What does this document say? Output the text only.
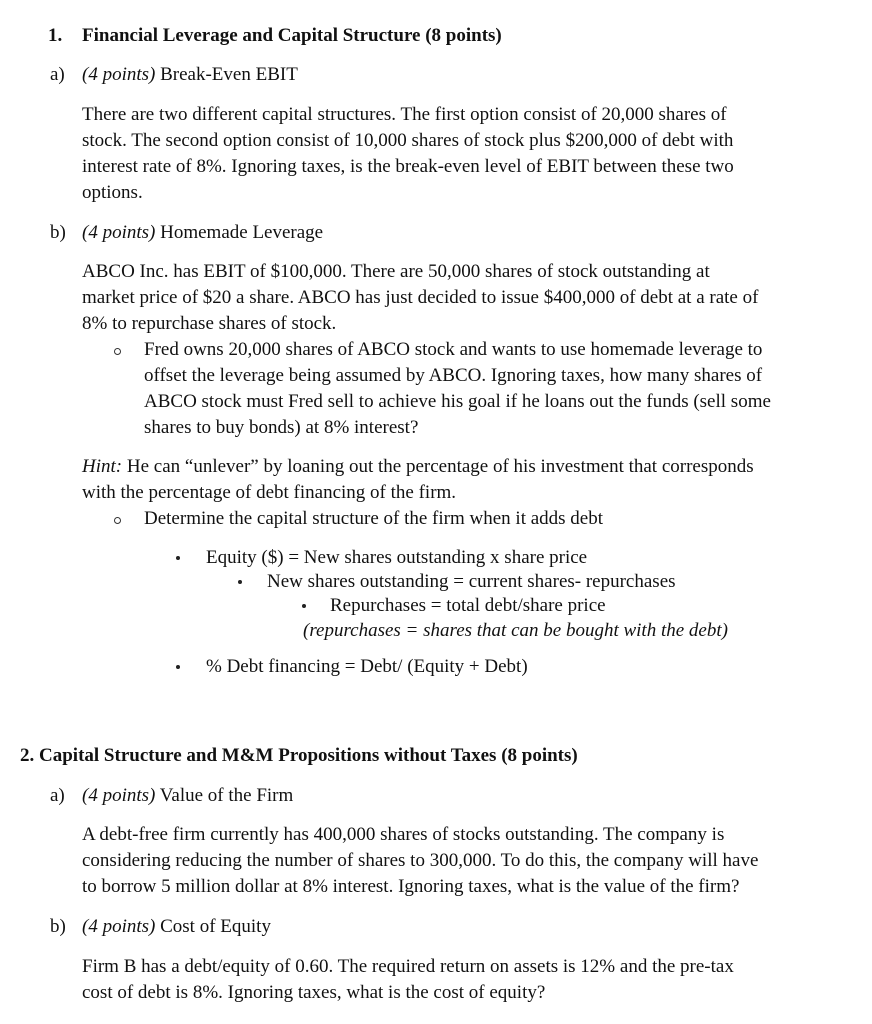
1. Financial Leverage and Capital Structure (8 points)
a) (4 points) Break-Even EBIT
There are two different capital structures. The first option consist of 20,000 shares of
stock. The second option consist of 10,000 shares of stock plus $200,000 of debt with
interest rate of 8%. Ignoring taxes, is the break-even level of EBIT between these two
options.
b) (4 points) Homemade Leverage
ABCO Inc. has EBIT of $100,000. There are 50,000 shares of stock outstanding at
market price of $20 a share. ABCO has just decided to issue $400,000 of debt at a rate of
8% to repurchase shares of stock.
Fred owns 20,000 shares of ABCO stock and wants to use homemade leverage to
offset the leverage being assumed by ABCO. Ignoring taxes, how many shares of
ABCO stock must Fred sell to achieve his goal if he loans out the funds (sell some
shares to buy bonds) at 8% interest?
Hint: He can “unlever” by loaning out the percentage of his investment that corresponds
with the percentage of debt financing of the firm.
Determine the capital structure of the firm when it adds debt
Equity ($) = New shares outstanding x share price
New shares outstanding = current shares- repurchases
Repurchases = total debt/share price
(repurchases = shares that can be bought with the debt)
% Debt financing = Debt/ (Equity + Debt)
2. Capital Structure and M&M Propositions without Taxes (8 points)
a) (4 points) Value of the Firm
A debt-free firm currently has 400,000 shares of stocks outstanding. The company is
considering reducing the number of shares to 300,000. To do this, the company will have
to borrow 5 million dollar at 8% interest. Ignoring taxes, what is the value of the firm?
b) (4 points) Cost of Equity
Firm B has a debt/equity of 0.60. The required return on assets is 12% and the pre-tax
cost of debt is 8%. Ignoring taxes, what is the cost of equity?
